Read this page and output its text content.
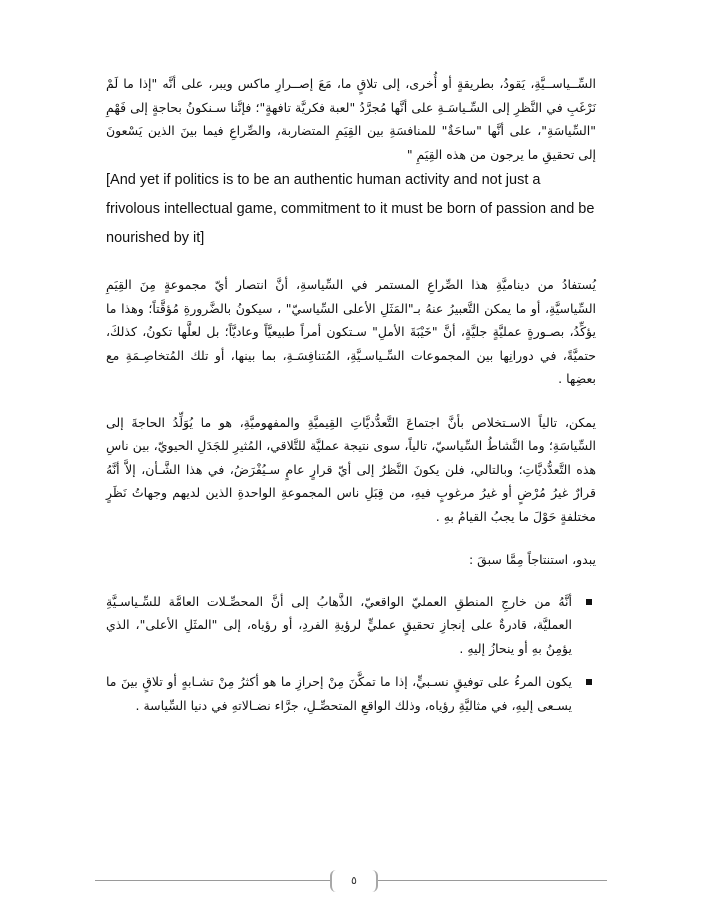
السِّــياســيَّةِ، يَقودُ، بطريقةٍ أو أُخرى، إلى تلاقٍ ما، مَعَ إصــرارِ ماكس ويبر، على أنَّه "إذا ما لَمْ نَرْغَبِ في النَّظرِ إلى السِّـياسَـةِ على أنَّها مُجرَّدُ "لعبة فكريَّة تافهةٍ"؛ فإنَّنا سـنكونُ بحاجةٍ إلى فَهْمِ "السِّياسَةِ"، على أنَّها "ساحَةٌ" للمنافسَةِ بين القِيَمِ المتضاربة، والصِّراعِ فيما بينَ الذين يَسْعونَ إلى تحقيقِ ما يرجون من هذه القِيَمِ "

[And yet if politics is to be an authentic human activity and not just a frivolous intellectual game, commitment to it must be born of passion and be nourished by it]

يُستفادُ من ديناميَّةِ هذا الصِّراعِ المستمر في السِّياسةِ، أنَّ انتصار أيّ مجموعةٍ مِنَ القِيَمِ السِّياسيَّةِ، أو ما يمكن التَّعبيرُ عنهُ بـ"المَثَلِ الأعلى السِّياسيّ" ، سيكونُ بالضَّرورةِ مُؤقَّتاً؛ وهذا ما يؤكِّدُ، بصـورةٍ عمليَّةٍ جليَّةٍ، أنَّ "خَيْبَةَ الأملِ" سـتكون أمراً طبيعيَّاً وعاديَّاً؛ بل لعلَّها تكونُ، كذلكَ، حتميَّةً، في دورانِها بين المجموعات السِّـياسـيَّةِ، المُتنافِسَـةِ، بما بينها، أو تلك المُتخاصِـمَةِ مع بعضِها .

يمكن، تالياً الاسـتخلاص بأنَّ اجتماعَ التَّعدُّديَّاتِ القِيميَّةِ والمفهوميَّةِ، هو ما يُوَلِّدُ الحاجةَ إلى السِّياسَةِ؛ وما النَّشاطُ السِّياسيّ، تالياً، سوى نتيجة عمليَّة للتَّلاقي، المُثيرِ للجَدَلِ الحيويّ، بين ناسِ هذه التَّعدُّديَّاتِ؛ وبالتالي، فلن يكونَ النَّظرُ إلى أيّ قرارٍ عامٍ سـيُفْرَضُ، في هذا الشَّـأن، إلاَّ أنَّهُ قرارٌ غيرُ مُرْضٍ أو غيرُ مرغوبٍ فيهِ، من قِبَلِ ناس المجموعةِ الواحدةِ الذين لديهم وجهاتُ نَظَرٍ مختلفةٍ حَوْلَ ما يجبُ القيامُ بهِ .

يبدو، استنتاجاً مِمَّا سبقَ :

أنَّهُ من خارجِ المنطقِ العمليّ الواقعيّ، الذَّهابُ إلى أنَّ المحصِّـلات العامَّة للسِّـياسـيَّةِ العمليَّة، قادرةٌ على إنجازِ تحقيقٍ عمليٍّ لرؤيةِ الفردِ، أو رؤياه، إلى "المثَلِ الأعلى"، الذي يؤمِنُ بهِ أو ينحازُ إليهِ .
يكون المرءُ على توفيقٍ نسـبيٍّ، إذا ما تمكَّنَ مِنْ إحرازِ ما هو أكثرُ مِنْ تشـابهٍ أو تلاقٍ بينَ ما يسـعى إليهِ، في مثاليَّةِ رؤياه، وذلك الواقعِ المتحصِّـلِ، جرَّاء نضـالاتهِ في دنيا السِّياسة .
٥
